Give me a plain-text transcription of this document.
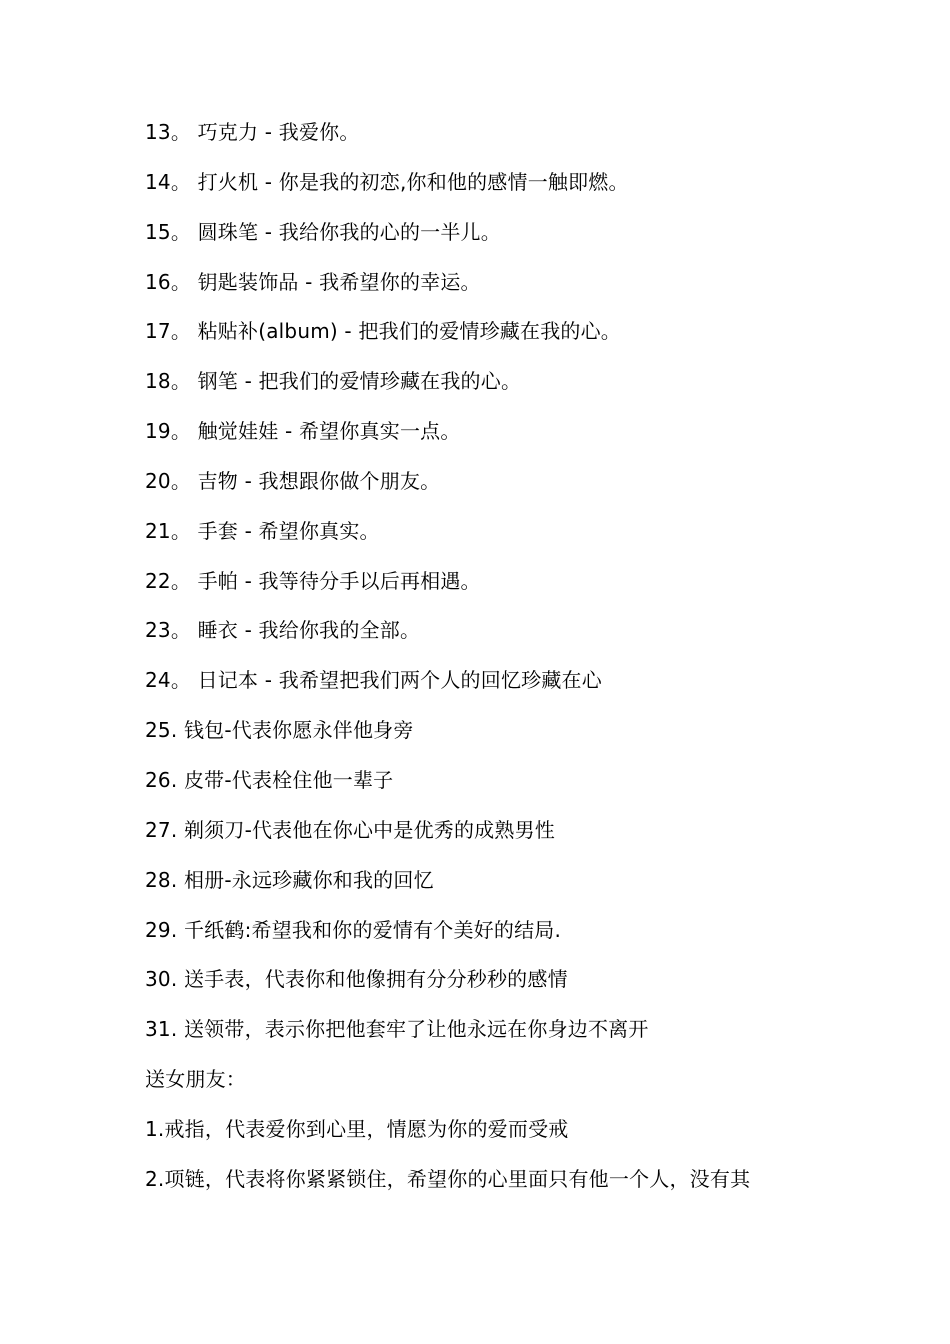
13。 巧克力 - 我爱你。
14。 打火机 - 你是我的初恋,你和他的感情一触即燃。
15。 圆珠笔 - 我给你我的心的一半儿。
16。 钥匙装饰品 - 我希望你的幸运。
17。 粘贴补(album) - 把我们的爱情珍藏在我的心。
18。 钢笔 - 把我们的爱情珍藏在我的心。
19。 触觉娃娃 - 希望你真实一点。
20。 吉物 - 我想跟你做个朋友。
21。 手套 - 希望你真实。
22。 手帕 - 我等待分手以后再相遇。
23。 睡衣 - 我给你我的全部。
24。 日记本 - 我希望把我们两个人的回忆珍藏在心
25. 钱包-代表你愿永伴他身旁
26. 皮带-代表栓住他一辈子
27. 剃须刀-代表他在你心中是优秀的成熟男性
28. 相册-永远珍藏你和我的回忆
29. 千纸鹤:希望我和你的爱情有个美好的结局.
30. 送手表，代表你和他像拥有分分秒秒的感情
31. 送领带，表示你把他套牢了让他永远在你身边不离开
送女朋友：
1.戒指，代表爱你到心里，情愿为你的爱而受戒
2.项链，代表将你紧紧锁住，希望你的心里面只有他一个人，没有其
